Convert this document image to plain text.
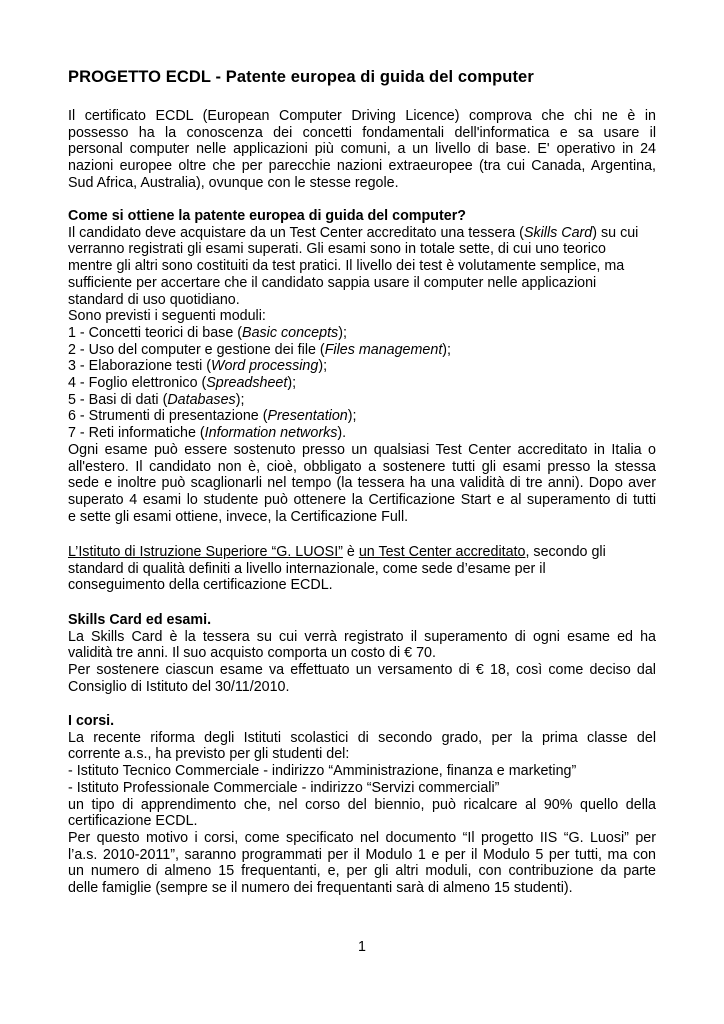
PROGETTO ECDL - Patente europea di guida del computer
Il certificato ECDL (European Computer Driving Licence) comprova che chi ne è in
possesso ha la conoscenza dei concetti fondamentali dell'informatica e sa usare il
personal computer nelle applicazioni più comuni, a un livello di base. E' operativo in 24
nazioni europee oltre che per parecchie nazioni extraeuropee (tra cui Canada, Argentina,
Sud Africa, Australia), ovunque con le stesse regole.
Come si ottiene la patente europea di guida del computer?
Il candidato deve acquistare da un Test Center accreditato una tessera (Skills Card) su cui
verranno registrati gli esami superati. Gli esami sono in totale sette, di cui uno teorico
mentre gli altri sono costituiti da test pratici. Il livello dei test è volutamente semplice, ma
sufficiente per accertare che il candidato sappia usare il computer nelle applicazioni
standard di uso quotidiano.
Sono previsti i seguenti moduli:
1 - Concetti teorici di base (Basic concepts);
2 - Uso del computer e gestione dei file (Files management);
3 - Elaborazione testi (Word processing);
4 - Foglio elettronico (Spreadsheet);
5 - Basi di dati (Databases);
6 - Strumenti di presentazione (Presentation);
7 - Reti informatiche (Information networks).
Ogni esame può essere sostenuto presso un qualsiasi Test Center accreditato in Italia o
all'estero. Il candidato non è, cioè, obbligato a sostenere tutti gli esami presso la stessa
sede e inoltre può scaglionarli nel tempo (la tessera ha una validità di tre anni). Dopo aver
superato 4 esami lo studente può ottenere la Certificazione Start e al superamento di tutti
e sette gli esami ottiene, invece, la Certificazione Full.
L’Istituto di Istruzione Superiore “G. LUOSI” è un Test Center accreditato, secondo gli
standard di qualità definiti a livello internazionale, come sede d’esame per il
conseguimento della certificazione ECDL.
Skills Card ed esami.
La Skills Card è la tessera su cui verrà registrato il superamento di ogni esame ed ha
validità tre anni. Il suo acquisto comporta un costo di € 70.
Per sostenere ciascun esame va effettuato un versamento di € 18, così come deciso dal
Consiglio di Istituto del 30/11/2010.
I corsi.
La recente riforma degli Istituti scolastici di secondo grado, per la prima classe del
corrente a.s., ha previsto per gli studenti del:
- Istituto Tecnico Commerciale - indirizzo “Amministrazione, finanza e marketing”
- Istituto Professionale Commerciale - indirizzo “Servizi commerciali”
un tipo di apprendimento che, nel corso del biennio, può ricalcare al 90% quello della
certificazione ECDL.
Per questo motivo i corsi, come specificato nel documento “Il progetto IIS “G. Luosi” per
l’a.s. 2010-2011”, saranno programmati per il Modulo 1 e per il Modulo 5 per tutti, ma con
un numero di almeno 15 frequentanti, e, per gli altri moduli, con contribuzione da parte
delle famiglie (sempre se il numero dei frequentanti sarà di almeno 15 studenti).
1
